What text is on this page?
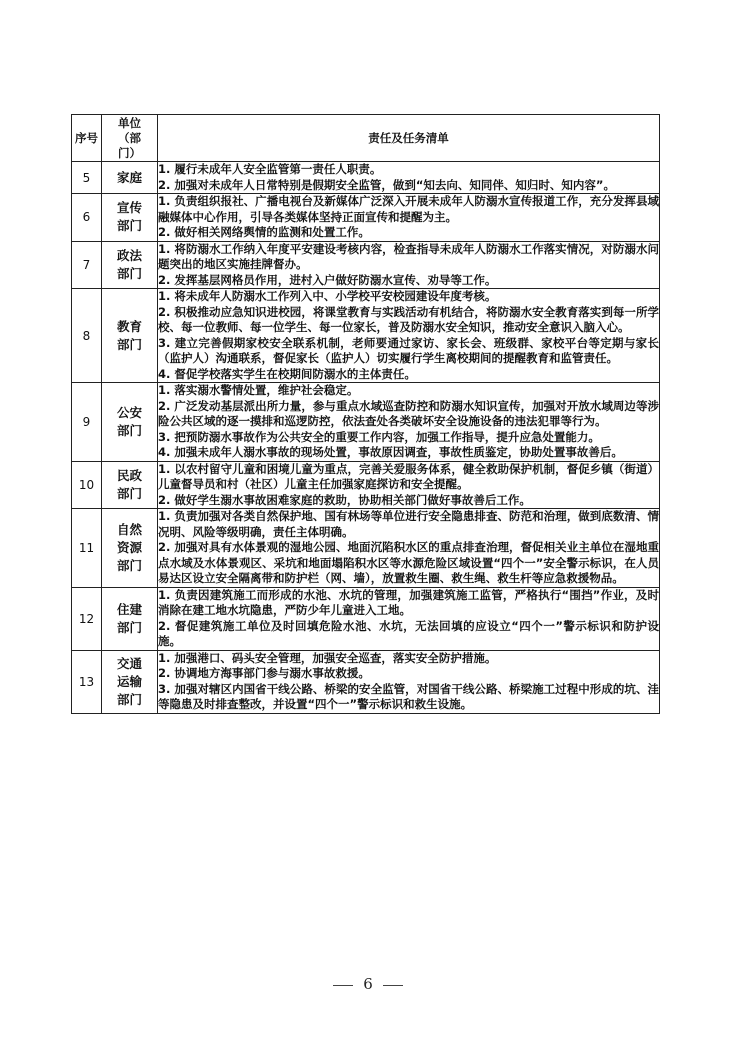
序号	单位（部门）	责任及任务清单
5	家庭	1. 履行未成年人安全监管第一责任人职责。
2. 加强对未成年人日常特别是假期安全监管，做到“知去向、知同伴、知归时、知内容”。

6	宣传部门	1. 负责组织报社、广播电视台及新媒体广泛深入开展未成年人防溺水宣传报道工作，充分发挥县域融媒体中心作用，引导各类媒体坚持正面宣传和提醒为主。
2. 做好相关网络舆情的监测和处置工作。

7	政法部门	1. 将防溺水工作纳入年度平安建设考核内容，检查指导未成年人防溺水工作落实情况，对防溺水问题突出的地区实施挂牌督办。
2. 发挥基层网格员作用，进村入户做好防溺水宣传、劝导等工作。

8	教育部门	1. 将未成年人防溺水工作列入中、小学校平安校园建设年度考核。
2. 积极推动应急知识进校园，将课堂教育与实践活动有机结合，将防溺水安全教育落实到每一所学校、每一位教师、每一位学生、每一位家长，普及防溺水安全知识，推动安全意识入脑入心。
3. 建立完善假期家校安全联系机制，老师要通过家访、家长会、班级群、家校平台等定期与家长（监护人）沟通联系，督促家长（监护人）切实履行学生离校期间的提醒教育和监管责任。
4. 督促学校落实学生在校期间防溺水的主体责任。

9	公安部门	1. 落实溺水警情处置，维护社会稳定。
2. 广泛发动基层派出所力量，参与重点水域巡查防控和防溺水知识宣传，加强对开放水域周边等涉险公共区域的逐一摸排和巡逻防控，依法查处各类破坏安全设施设备的违法犯罪等行为。
3. 把预防溺水事故作为公共安全的重要工作内容，加强工作指导，提升应急处置能力。
4. 加强未成年人溺水事故的现场处置，事故原因调查，事故性质鉴定，协助处置事故善后。

10	民政部门	1. 以农村留守儿童和困境儿童为重点，完善关爱服务体系，健全救助保护机制，督促乡镇（街道）儿童督导员和村（社区）儿童主任加强家庭探访和安全提醒。
2. 做好学生溺水事故困难家庭的救助，协助相关部门做好事故善后工作。

11	自然资源部门	1. 负责加强对各类自然保护地、国有林场等单位进行安全隐患排查、防范和治理，做到底数清、情况明、风险等级明确，责任主体明确。
2. 加强对具有水体景观的湿地公园、地面沉陷积水区的重点排查治理，督促相关业主单位在湿地重点水域及水体景观区、采坑和地面塌陷积水区等水源危险区域设置“四个一”安全警示标识，在人员易达区设立安全隔离带和防护栏（网、墙），放置救生圈、救生绳、救生杆等应急救援物品。

12	住建部门	1. 负责因建筑施工而形成的水池、水坑的管理，加强建筑施工监管，严格执行“围挡”作业，及时消除在建工地水坑隐患，严防少年儿童进入工地。
2. 督促建筑施工单位及时回填危险水池、水坑，无法回填的应设立“四个一”警示标识和防护设施。

13	交通运输部门	1. 加强港口、码头安全管理，加强安全巡查，落实安全防护措施。
2. 协调地方海事部门参与溺水事故救援。
3. 加强对辖区内国省干线公路、桥梁的安全监管，对国省干线公路、桥梁施工过程中形成的坑、洼等隐患及时排查整改，并设置“四个一”警示标识和救生设施。
6
